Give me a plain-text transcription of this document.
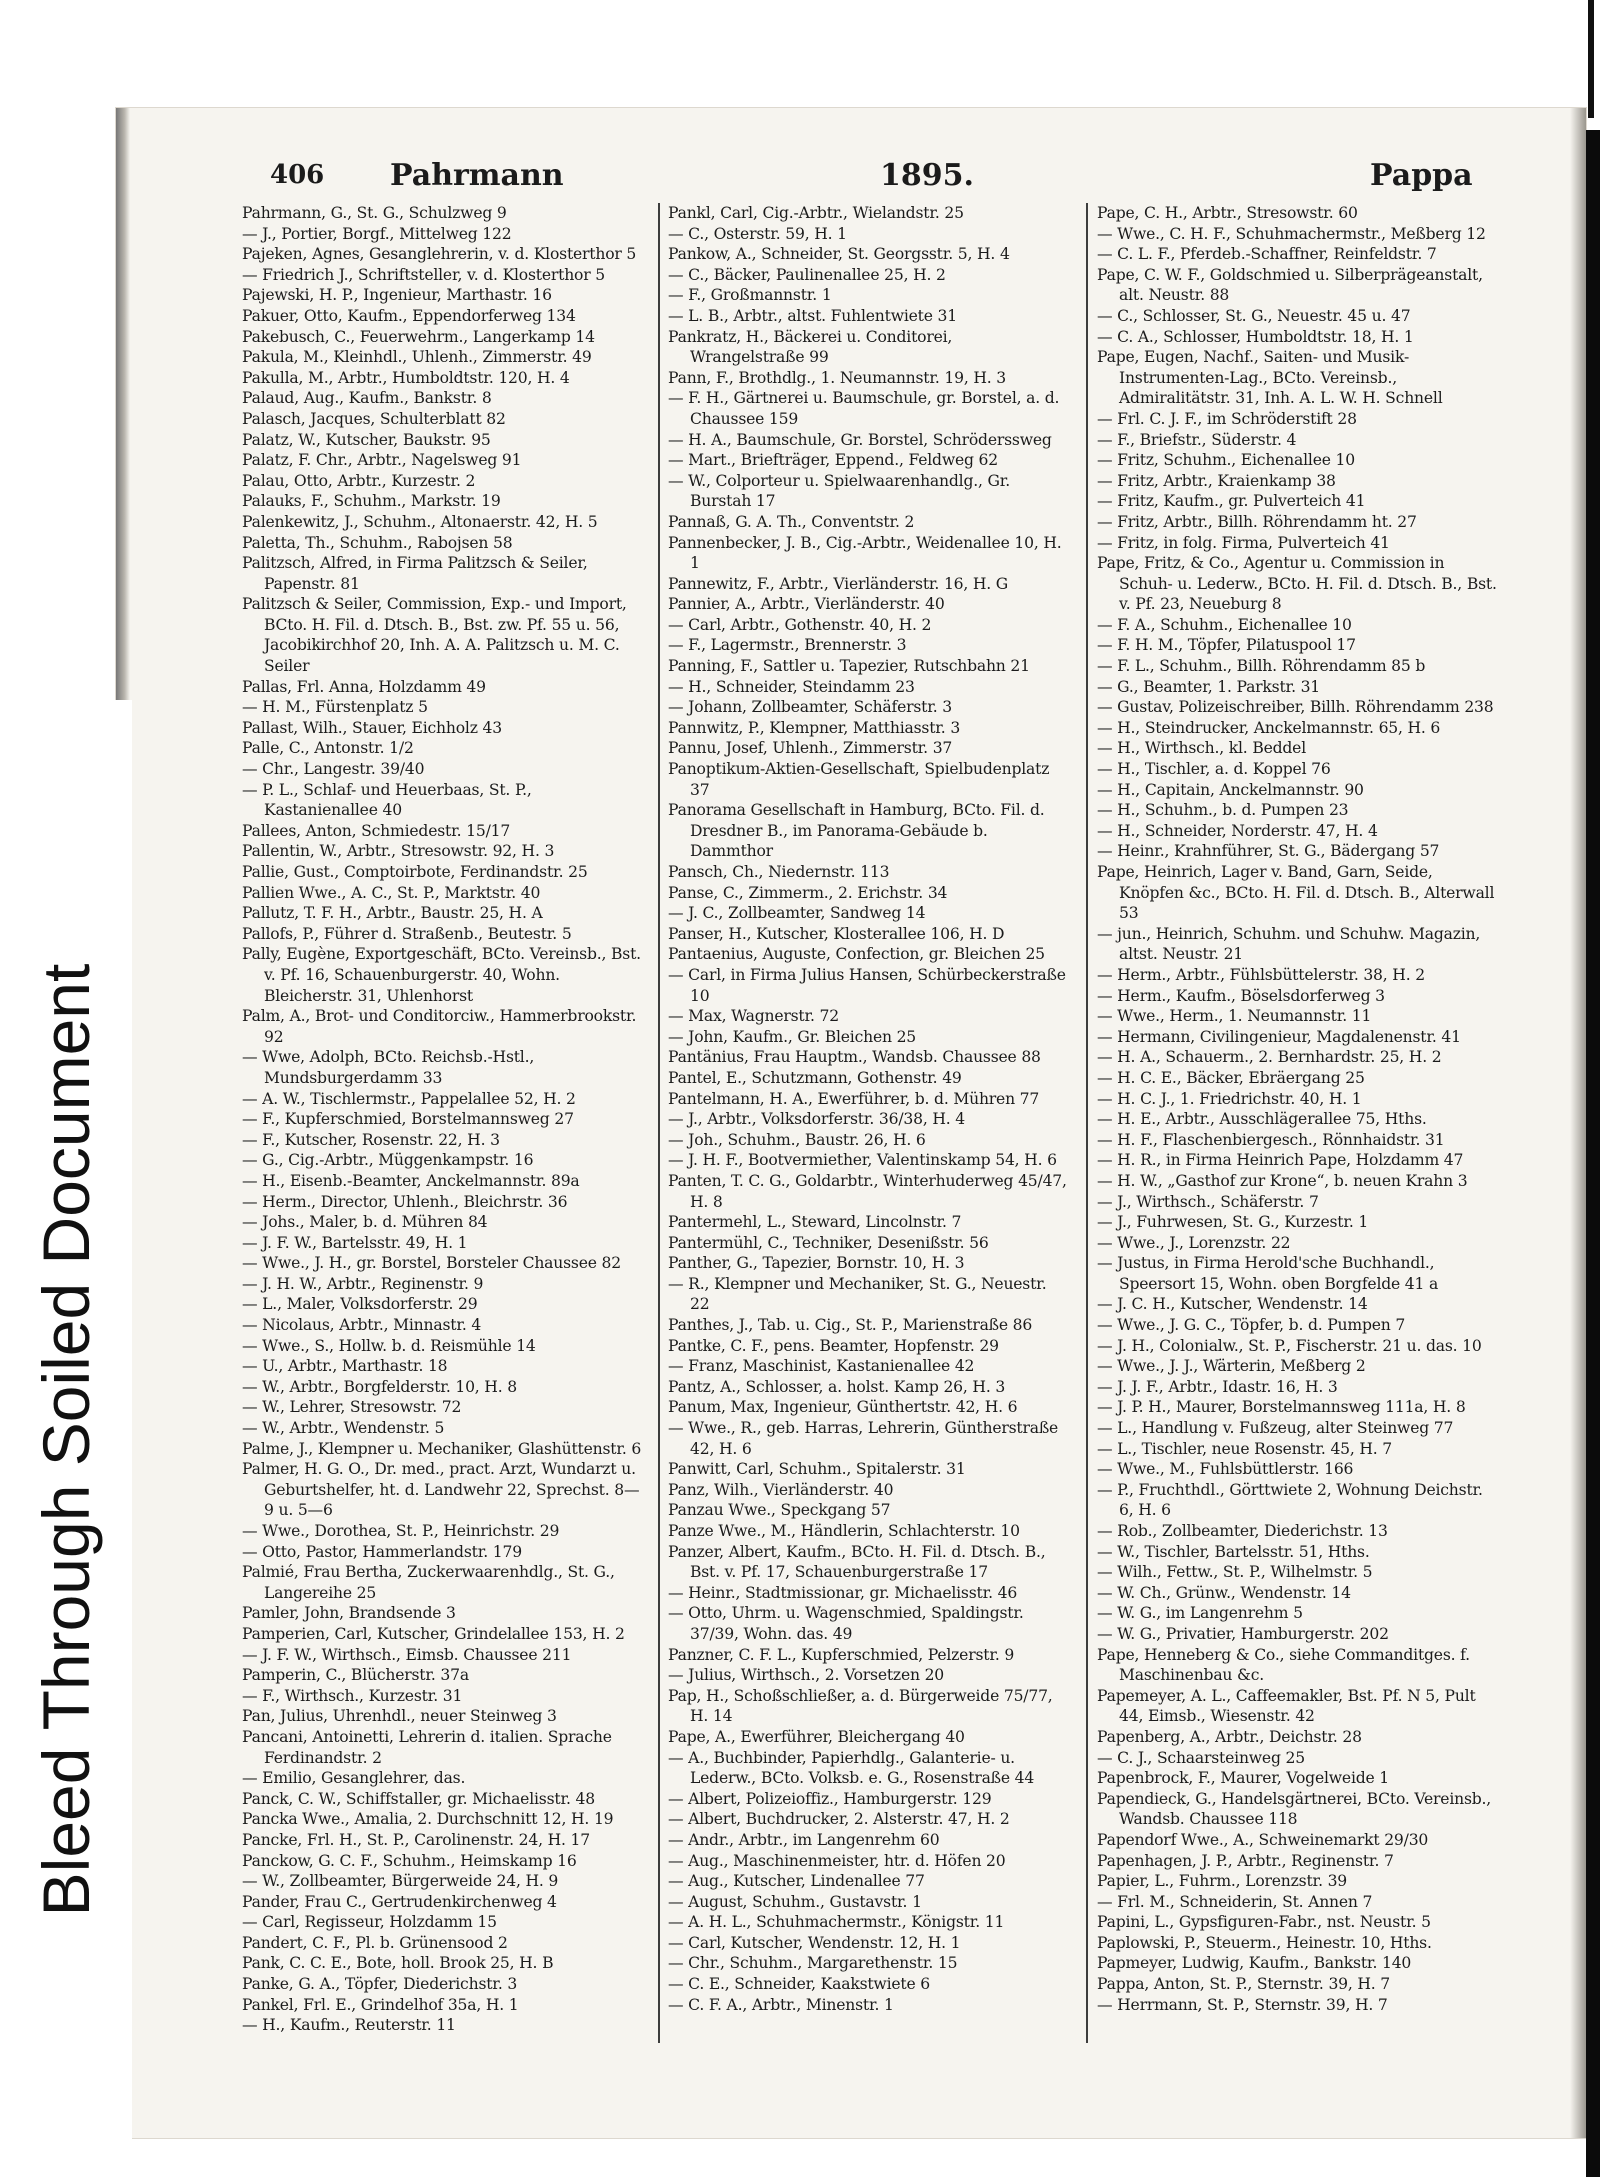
Bleed Through Soiled Document
406 Pahrmann	1895.	Pappa

Pahrmann, G., St. G., Schulzweg 9

— J., Portier, Borgf., Mittelweg 122

Pajeken, Agnes, Gesanglehrerin, v. d. Klosterthor 5

— Friedrich J., Schriftsteller, v. d. Klosterthor 5

Pajewski, H. P., Ingenieur, Marthastr. 16

Pakuer, Otto, Kaufm., Eppendorferweg 134

Pakebusch, C., Feuerwehrm., Langerkamp 14

Pakula, M., Kleinhdl., Uhlenh., Zimmerstr. 49

Pakulla, M., Arbtr., Humboldtstr. 120, H. 4

Palaud, Aug., Kaufm., Bankstr. 8

Palasch, Jacques, Schulterblatt 82

Palatz, W., Kutscher, Baukstr. 95

Palatz, F. Chr., Arbtr., Nagelsweg 91

Palau, Otto, Arbtr., Kurzestr. 2

Palauks, F., Schuhm., Markstr. 19

Palenkewitz, J., Schuhm., Altonaerstr. 42, H. 5

Paletta, Th., Schuhm., Rabojsen 58

Palitzsch, Alfred, in Firma Palitzsch & Seiler, Papenstr. 81

Palitzsch & Seiler, Commission, Exp.- und Import, BCto. H. Fil. d. Dtsch. B., Bst. zw. Pf. 55 u. 56, Jacobikirchhof 20, Inh. A. A. Palitzsch u. M. C. Seiler

Pallas, Frl. Anna, Holzdamm 49

— H. M., Fürstenplatz 5

Pallast, Wilh., Stauer, Eichholz 43

Palle, C., Antonstr. 1/2

— Chr., Langestr. 39/40

— P. L., Schlaf- und Heuerbaas, St. P., Kastanienallee 40

Pallees, Anton, Schmiedestr. 15/17

Pallentin, W., Arbtr., Stresowstr. 92, H. 3

Pallie, Gust., Comptoirbote, Ferdinandstr. 25

Pallien Wwe., A. C., St. P., Marktstr. 40

Pallutz, T. F. H., Arbtr., Baustr. 25, H. A

Pallofs, P., Führer d. Straßenb., Beutestr. 5

Pally, Eugène, Exportgeschäft, BCto. Vereinsb., Bst. v. Pf. 16, Schauenburgerstr. 40, Wohn. Bleicherstr. 31, Uhlenhorst

Palm, A., Brot- und Conditorciw., Hammerbrookstr. 92

— Wwe, Adolph, BCto. Reichsb.-Hstl., Mundsburgerdamm 33

— A. W., Tischlermstr., Pappelallee 52, H. 2

— F., Kupferschmied, Borstelmannsweg 27

— F., Kutscher, Rosenstr. 22, H. 3

— G., Cig.-Arbtr., Müggenkampstr. 16

— H., Eisenb.-Beamter, Anckelmannstr. 89a

— Herm., Director, Uhlenh., Bleichrstr. 36

— Johs., Maler, b. d. Mühren 84

— J. F. W., Bartelsstr. 49, H. 1

— Wwe., J. H., gr. Borstel, Borsteler Chaussee 82

— J. H. W., Arbtr., Reginenstr. 9

— L., Maler, Volksdorferstr. 29

— Nicolaus, Arbtr., Minnastr. 4

— Wwe., S., Hollw. b. d. Reismühle 14

— U., Arbtr., Marthastr. 18

— W., Arbtr., Borgfelderstr. 10, H. 8

— W., Lehrer, Stresowstr. 72

— W., Arbtr., Wendenstr. 5

Palme, J., Klempner u. Mechaniker, Glashüttenstr. 6

Palmer, H. G. O., Dr. med., pract. Arzt, Wundarzt u. Geburtshelfer, ht. d. Landwehr 22, Sprechst. 8—9 u. 5—6

— Wwe., Dorothea, St. P., Heinrichstr. 29

— Otto, Pastor, Hammerlandstr. 179

Palmié, Frau Bertha, Zuckerwaarenhdlg., St. G., Langereihe 25

Pamler, John, Brandsende 3

Pamperien, Carl, Kutscher, Grindelallee 153, H. 2

— J. F. W., Wirthsch., Eimsb. Chaussee 211

Pamperin, C., Blücherstr. 37a

— F., Wirthsch., Kurzestr. 31

Pan, Julius, Uhrenhdl., neuer Steinweg 3

Pancani, Antoinetti, Lehrerin d. italien. Sprache Ferdinandstr. 2

— Emilio, Gesanglehrer, das.

Panck, C. W., Schiffstaller, gr. Michaelisstr. 48

Pancka Wwe., Amalia, 2. Durchschnitt 12, H. 19

Pancke, Frl. H., St. P., Carolinenstr. 24, H. 17

Panckow, G. C. F., Schuhm., Heimskamp 16

— W., Zollbeamter, Bürgerweide 24, H. 9

Pander, Frau C., Gertrudenkirchenweg 4

— Carl, Regisseur, Holzdamm 15

Pandert, C. F., Pl. b. Grünensood 2

Pank, C. C. E., Bote, holl. Brook 25, H. B

Panke, G. A., Töpfer, Diederichstr. 3

Pankel, Frl. E., Grindelhof 35a, H. 1

— H., Kaufm., Reuterstr. 11

Pankl, Carl, Cig.-Arbtr., Wielandstr. 25

— C., Osterstr. 59, H. 1

Pankow, A., Schneider, St. Georgsstr. 5, H. 4

— C., Bäcker, Paulinenallee 25, H. 2

— F., Großmannstr. 1

— L. B., Arbtr., altst. Fuhlentwiete 31

Pankratz, H., Bäckerei u. Conditorei, Wrangelstraße 99

Pann, F., Brothdlg., 1. Neumannstr. 19, H. 3

— F. H., Gärtnerei u. Baumschule, gr. Borstel, a. d. Chaussee 159

— H. A., Baumschule, Gr. Borstel, Schröderssweg

— Mart., Briefträger, Eppend., Feldweg 62

— W., Colporteur u. Spielwaarenhandlg., Gr. Burstah 17

Pannaß, G. A. Th., Conventstr. 2

Pannenbecker, J. B., Cig.-Arbtr., Weidenallee 10, H. 1

Pannewitz, F., Arbtr., Vierländerstr. 16, H. G

Pannier, A., Arbtr., Vierländerstr. 40

— Carl, Arbtr., Gothenstr. 40, H. 2

— F., Lagermstr., Brennerstr. 3

Panning, F., Sattler u. Tapezier, Rutschbahn 21

— H., Schneider, Steindamm 23

— Johann, Zollbeamter, Schäferstr. 3

Pannwitz, P., Klempner, Matthiasstr. 3

Pannu, Josef, Uhlenh., Zimmerstr. 37

Panoptikum-Aktien-Gesellschaft, Spielbudenplatz 37

Panorama Gesellschaft in Hamburg, BCto. Fil. d. Dresdner B., im Panorama-Gebäude b. Dammthor

Pansch, Ch., Niedernstr. 113

Panse, C., Zimmerm., 2. Erichstr. 34

— J. C., Zollbeamter, Sandweg 14

Panser, H., Kutscher, Klosterallee 106, H. D

Pantaenius, Auguste, Confection, gr. Bleichen 25

— Carl, in Firma Julius Hansen, Schürbeckerstraße 10

— Max, Wagnerstr. 72

— John, Kaufm., Gr. Bleichen 25

Pantänius, Frau Hauptm., Wandsb. Chaussee 88

Pantel, E., Schutzmann, Gothenstr. 49

Pantelmann, H. A., Ewerführer, b. d. Mühren 77

— J., Arbtr., Volksdorferstr. 36/38, H. 4

— Joh., Schuhm., Baustr. 26, H. 6

— J. H. F., Bootvermiether, Valentinskamp 54, H. 6

Panten, T. C. G., Goldarbtr., Winterhuderweg 45/47, H. 8

Pantermehl, L., Steward, Lincolnstr. 7

Pantermühl, C., Techniker, Desenißstr. 56

Panther, G., Tapezier, Bornstr. 10, H. 3

— R., Klempner und Mechaniker, St. G., Neuestr. 22

Panthes, J., Tab. u. Cig., St. P., Marienstraße 86

Pantke, C. F., pens. Beamter, Hopfenstr. 29

— Franz, Maschinist, Kastanienallee 42

Pantz, A., Schlosser, a. holst. Kamp 26, H. 3

Panum, Max, Ingenieur, Günthertstr. 42, H. 6

— Wwe., R., geb. Harras, Lehrerin, Güntherstraße 42, H. 6

Panwitt, Carl, Schuhm., Spitalerstr. 31

Panz, Wilh., Vierländerstr. 40

Panzau Wwe., Speckgang 57

Panze Wwe., M., Händlerin, Schlachterstr. 10

Panzer, Albert, Kaufm., BCto. H. Fil. d. Dtsch. B., Bst. v. Pf. 17, Schauenburgerstraße 17

— Heinr., Stadtmissionar, gr. Michaelisstr. 46

— Otto, Uhrm. u. Wagenschmied, Spaldingstr. 37/39, Wohn. das. 49

Panzner, C. F. L., Kupferschmied, Pelzerstr. 9

— Julius, Wirthsch., 2. Vorsetzen 20

Pap, H., Schoßschließer, a. d. Bürgerweide 75/77, H. 14

Pape, A., Ewerführer, Bleichergang 40

— A., Buchbinder, Papierhdlg., Galanterie- u. Lederw., BCto. Volksb. e. G., Rosenstraße 44

— Albert, Polizeioffiz., Hamburgerstr. 129

— Albert, Buchdrucker, 2. Alsterstr. 47, H. 2

— Andr., Arbtr., im Langenrehm 60

— Aug., Maschinenmeister, htr. d. Höfen 20

— Aug., Kutscher, Lindenallee 77

— August, Schuhm., Gustavstr. 1

— A. H. L., Schuhmachermstr., Königstr. 11

— Carl, Kutscher, Wendenstr. 12, H. 1

— Chr., Schuhm., Margarethenstr. 15

— C. E., Schneider, Kaakstwiete 6

— C. F. A., Arbtr., Minenstr. 1

Pape, C. H., Arbtr., Stresowstr. 60

— Wwe., C. H. F., Schuhmachermstr., Meßberg 12

— C. L. F., Pferdeb.-Schaffner, Reinfeldstr. 7

Pape, C. W. F., Goldschmied u. Silberprägeanstalt, alt. Neustr. 88

— C., Schlosser, St. G., Neuestr. 45 u. 47

— C. A., Schlosser, Humboldtstr. 18, H. 1

Pape, Eugen, Nachf., Saiten- und Musik-Instrumenten-Lag., BCto. Vereinsb., Admiralitätstr. 31, Inh. A. L. W. H. Schnell

— Frl. C. J. F., im Schröderstift 28

— F., Briefstr., Süderstr. 4

— Fritz, Schuhm., Eichenallee 10

— Fritz, Arbtr., Kraienkamp 38

— Fritz, Kaufm., gr. Pulverteich 41

— Fritz, Arbtr., Billh. Röhrendamm ht. 27

— Fritz, in folg. Firma, Pulverteich 41

Pape, Fritz, & Co., Agentur u. Commission in Schuh- u. Lederw., BCto. H. Fil. d. Dtsch. B., Bst. v. Pf. 23, Neueburg 8

— F. A., Schuhm., Eichenallee 10

— F. H. M., Töpfer, Pilatuspool 17

— F. L., Schuhm., Billh. Röhrendamm 85 b

— G., Beamter, 1. Parkstr. 31

— Gustav, Polizeischreiber, Billh. Röhrendamm 238

— H., Steindrucker, Anckelmannstr. 65, H. 6

— H., Wirthsch., kl. Beddel

— H., Tischler, a. d. Koppel 76

— H., Capitain, Anckelmannstr. 90

— H., Schuhm., b. d. Pumpen 23

— H., Schneider, Norderstr. 47, H. 4

— Heinr., Krahnführer, St. G., Bädergang 57

Pape, Heinrich, Lager v. Band, Garn, Seide, Knöpfen &c., BCto. H. Fil. d. Dtsch. B., Alterwall 53

— jun., Heinrich, Schuhm. und Schuhw. Magazin, altst. Neustr. 21

— Herm., Arbtr., Fühlsbüttelerstr. 38, H. 2

— Herm., Kaufm., Böselsdorferweg 3

— Wwe., Herm., 1. Neumannstr. 11

— Hermann, Civilingenieur, Magdalenenstr. 41

— H. A., Schauerm., 2. Bernhardstr. 25, H. 2

— H. C. E., Bäcker, Ebräergang 25

— H. C. J., 1. Friedrichstr. 40, H. 1

— H. E., Arbtr., Ausschlägerallee 75, Hths.

— H. F., Flaschenbiergesch., Rönnhaidstr. 31

— H. R., in Firma Heinrich Pape, Holzdamm 47

— H. W., „Gasthof zur Krone“, b. neuen Krahn 3

— J., Wirthsch., Schäferstr. 7

— J., Fuhrwesen, St. G., Kurzestr. 1

— Wwe., J., Lorenzstr. 22

— Justus, in Firma Herold'sche Buchhandl., Speersort 15, Wohn. oben Borgfelde 41 a

— J. C. H., Kutscher, Wendenstr. 14

— Wwe., J. G. C., Töpfer, b. d. Pumpen 7

— J. H., Colonialw., St. P., Fischerstr. 21 u. das. 10

— Wwe., J. J., Wärterin, Meßberg 2

— J. J. F., Arbtr., Idastr. 16, H. 3

— J. P. H., Maurer, Borstelmannsweg 111a, H. 8

— L., Handlung v. Fußzeug, alter Steinweg 77

— L., Tischler, neue Rosenstr. 45, H. 7

— Wwe., M., Fuhlsbüttlerstr. 166

— P., Fruchthdl., Görttwiete 2, Wohnung Deichstr. 6, H. 6

— Rob., Zollbeamter, Diederichstr. 13

— W., Tischler, Bartelsstr. 51, Hths.

— Wilh., Fettw., St. P., Wilhelmstr. 5

— W. Ch., Grünw., Wendenstr. 14

— W. G., im Langenrehm 5

— W. G., Privatier, Hamburgerstr. 202

Pape, Henneberg & Co., siehe Commanditges. f. Maschinenbau &c.

Papemeyer, A. L., Caffeemakler, Bst. Pf. N 5, Pult 44, Eimsb., Wiesenstr. 42

Papenberg, A., Arbtr., Deichstr. 28

— C. J., Schaarsteinweg 25

Papenbrock, F., Maurer, Vogelweide 1

Papendieck, G., Handelsgärtnerei, BCto. Vereinsb., Wandsb. Chaussee 118

Papendorf Wwe., A., Schweinemarkt 29/30

Papenhagen, J. P., Arbtr., Reginenstr. 7

Papier, L., Fuhrm., Lorenzstr. 39

— Frl. M., Schneiderin, St. Annen 7

Papini, L., Gypsfiguren-Fabr., nst. Neustr. 5

Paplowski, P., Steuerm., Heinestr. 10, Hths.

Papmeyer, Ludwig, Kaufm., Bankstr. 140

Pappa, Anton, St. P., Sternstr. 39, H. 7

— Herrmann, St. P., Sternstr. 39, H. 7
